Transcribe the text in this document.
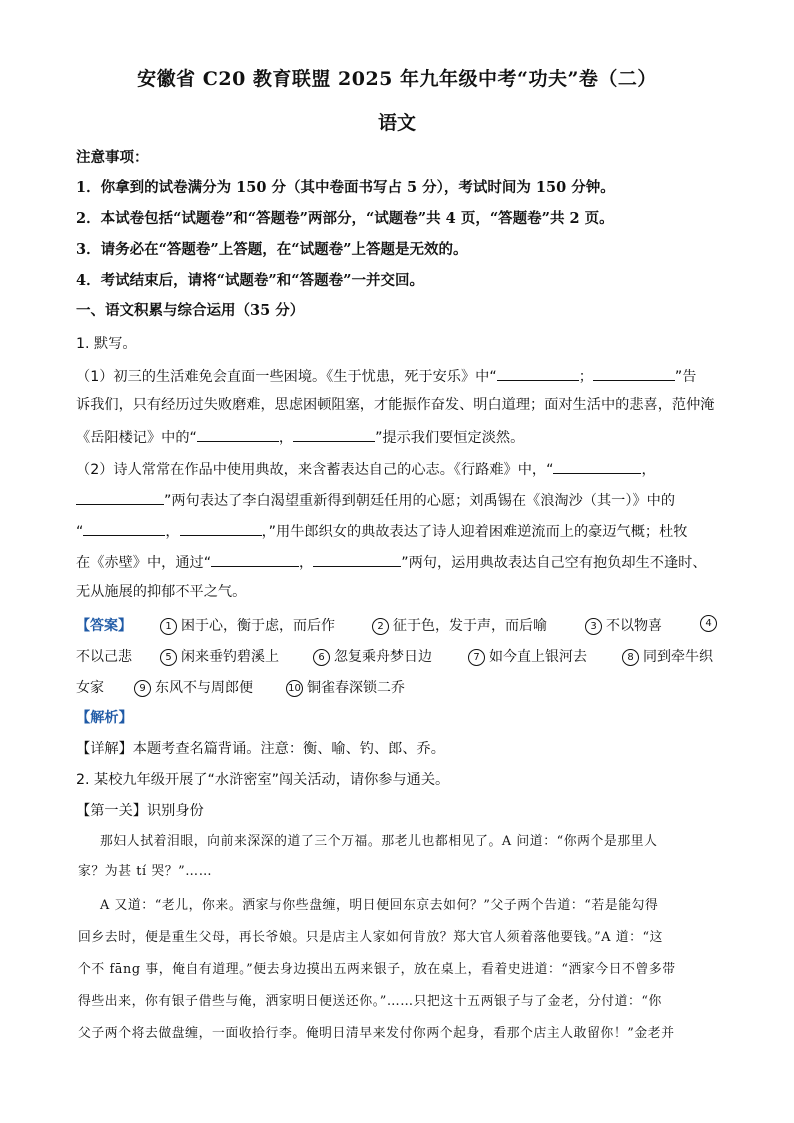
安徽省 C20 教育联盟 2025 年九年级中考“功夫”卷（二）
语文
注意事项：
1．你拿到的试卷满分为 150 分（其中卷面书写占 5 分），考试时间为 150 分钟。
2．本试卷包括“试题卷”和“答题卷”两部分，“试题卷”共 4 页，“答题卷”共 2 页。
3．请务必在“答题卷”上答题，在“试题卷”上答题是无效的。
4．考试结束后，请将“试题卷”和“答题卷”一并交回。
一、语文积累与综合运用（35 分）
1. 默写。
（1）初三的生活难免会直面一些困境。《生于忧患，死于安乐》中“	；	”告
诉我们，只有经历过失败磨难，思虑困顿阻塞，才能振作奋发、明白道理；面对生活中的悲喜，范仲淹
《岳阳楼记》中的“	，	”提示我们要恒定淡然。
（2）诗人常常在作品中使用典故，来含蓄表达自己的心志。《行路难》中，“	，
”两句表达了李白渴望重新得到朝廷任用的心愿；刘禹锡在《浪淘沙（其一）》中的
“	，	，”用牛郎织女的典故表达了诗人迎着困难逆流而上的豪迈气概；杜牧
在《赤壁》中，通过“	，	”两句，运用典故表达自己空有抱负却生不逢时、
无从施展的抑郁不平之气。
【答案】	1 困于心，衡于虑，而后作	2 征于色，发于声，而后喻	3 不以物喜	4
不以己悲	5 闲来垂钓碧溪上	6 忽复乘舟梦日边	7 如今直上银河去	8 同到牵牛织
女家	9 东风不与周郎便	10 铜雀春深锁二乔
【解析】
【详解】本题考查名篇背诵。注意：衡、喻、钓、郎、乔。
2. 某校九年级开展了“水浒密室”闯关活动，请你参与通关。
【第一关】识别身份
那妇人拭着泪眼，向前来深深的道了三个万福。那老儿也都相见了。A 问道：“你两个是那里人
家？为甚 tí 哭？”……
A 又道：“老儿，你来。洒家与你些盘缠，明日便回东京去如何？”父子两个告道：“若是能勾得
回乡去时，便是重生父母，再长爷娘。只是店主人家如何肯放？郑大官人须着落他要钱。”A 道：“这
个不 fāng 事，俺自有道理。”便去身边摸出五两来银子，放在桌上，看着史进道：“洒家今日不曾多带
得些出来，你有银子借些与俺，洒家明日便送还你。”……只把这十五两银子与了金老，分付道：“你
父子两个将去做盘缠，一面收拾行李。俺明日清早来发付你两个起身，看那个店主人敢留你！”金老并
